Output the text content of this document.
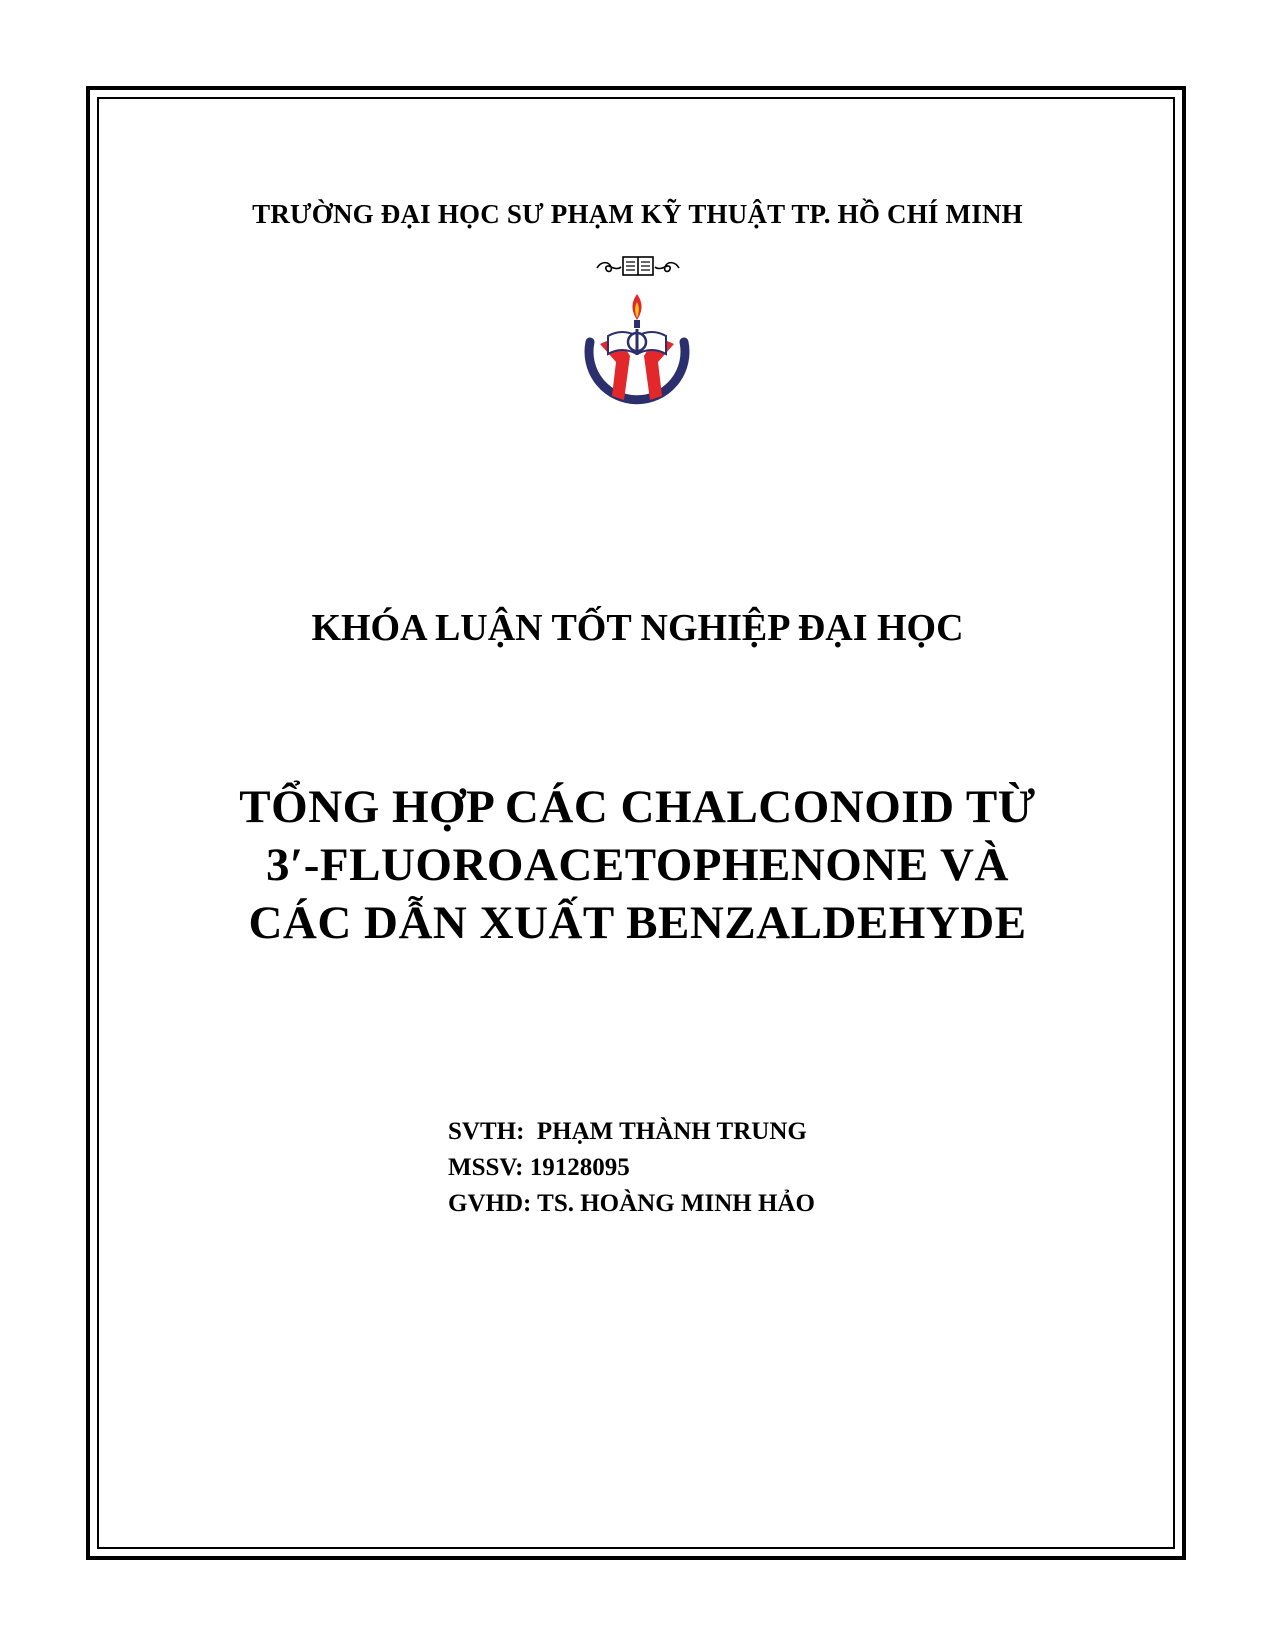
TRƯỜNG ĐẠI HỌC SƯ PHẠM KỸ THUẬT TP. HỒ CHÍ MINH
KHÓA LUẬN TỐT NGHIỆP ĐẠI HỌC
TỔNG HỢP CÁC CHALCONOID TỪ
3′-FLUOROACETOPHENONE VÀ
CÁC DẪN XUẤT BENZALDEHYDE
SVTH: PHẠM THÀNH TRUNG
MSSV: 19128095
GVHD: TS. HOÀNG MINH HẢO
